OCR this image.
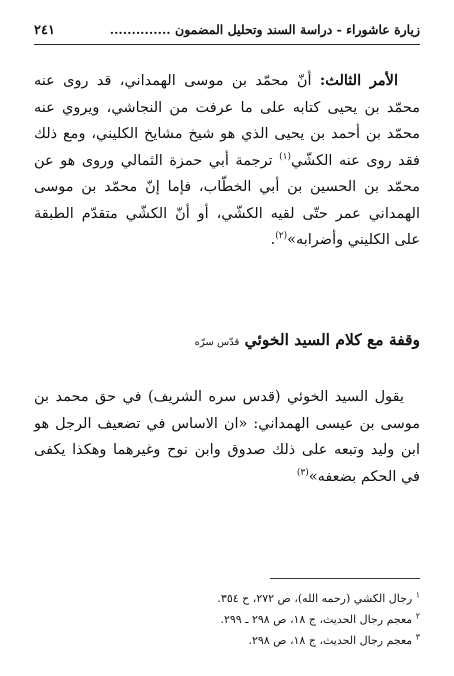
زيارة عاشوراء - دراسة السند وتحليل المضمون ..............
٢٤١

الأمر الثالث: أنّ محمّد بن موسى الهمداني، قد روى عنه محمّد بن يحيى كتابه على ما عرفت من النجاشي، ويروي عنه محمّد بن أحمد بن يحيى الذي هو شيخ مشايخ الكليني، ومع ذلك فقد روى عنه الكشّي$^{(١)}$ ترجمة أبي حمزة الثمالي وروى هو عن محمّد بن الحسين بن أبي الخطّاب، فإما إنّ محمّد بن موسى الهمداني عمر حتّى لقيه الكشّي، أو أنّ الكشّي متقدّم الطبقة على الكليني وأضرابه»$^{(٢)}$.

وقفة مع كلام السيد الخوئي قدّس سرّه

يقول السيد الخوئي (قدس سره الشريف) في حق محمد بن موسى بن عيسى الهمداني: «ان الاساس في تضعيف الرجل هو ابن وليد وتبعه على ذلك صدوق وابن نوح وغيرهما وهكذا يكفى في الحكم بضعفه»$^{(٣)}$

$^١$ رجال الكشي (رحمه الله)، ص ٢٧٢، ح ٣٥٤.
$^٢$ معجم رجال الحديث، ج ١٨، ص ٢٩٨ ـ ٢٩٩.
$^٣$ معجم رجال الحديث، ج ١٨، ص ٢٩٨.
